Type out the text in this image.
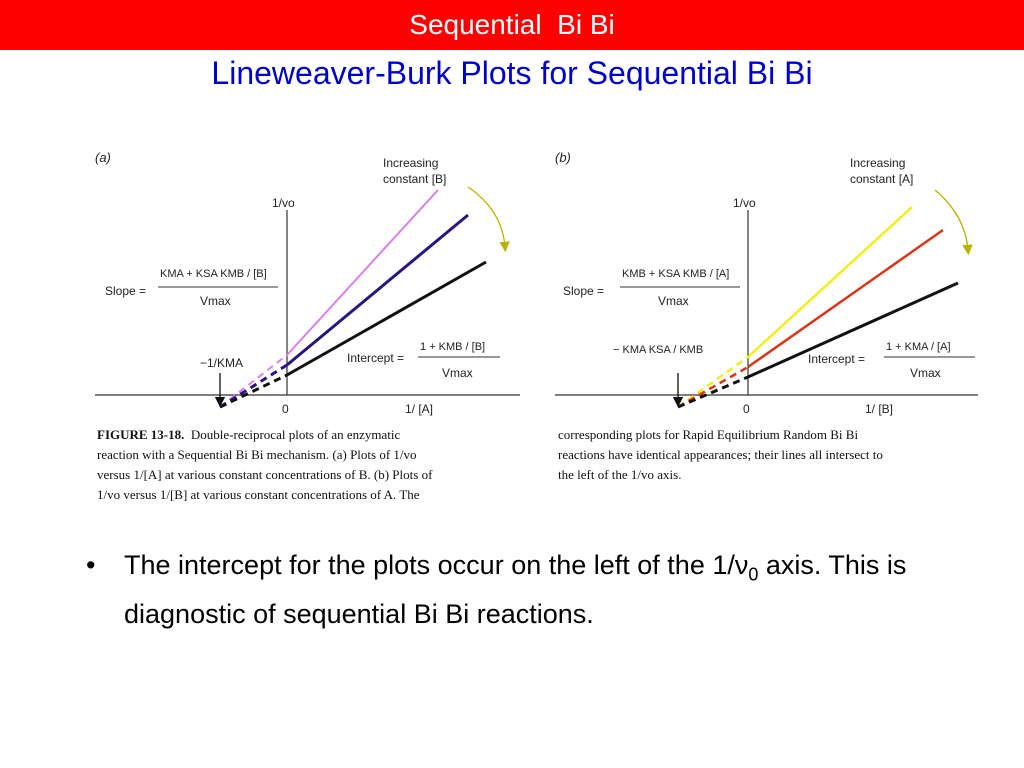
Sequential  Bi Bi
Lineweaver-Burk Plots for Sequential Bi Bi
(a)
1/vo
0	1/ [A]
−1/KMA
Increasing
constant [B]
Slope =
KMA + KSA KMB / [B]
Vmax
Intercept =
1 + KMB / [B]
Vmax
(b)
1/vo
0	1/ [B]
− KMA KSA / KMB
Increasing
constant [A]
Slope =
KMB + KSA KMB / [A]
Vmax
Intercept =
1 + KMA / [A]
Vmax
FIGURE 13-18. Double-reciprocal plots of an enzymatic
reaction with a Sequential Bi Bi mechanism. (a) Plots of 1/vo
versus 1/[A] at various constant concentrations of B. (b) Plots of
1/vo versus 1/[B] at various constant concentrations of A. The
corresponding plots for Rapid Equilibrium Random Bi Bi
reactions have identical appearances; their lines all intersect to
the left of the 1/vo axis.
•	The intercept for the plots occur on the left of the $1/\nu_0$ axis. This is diagnostic of sequential Bi Bi reactions.
